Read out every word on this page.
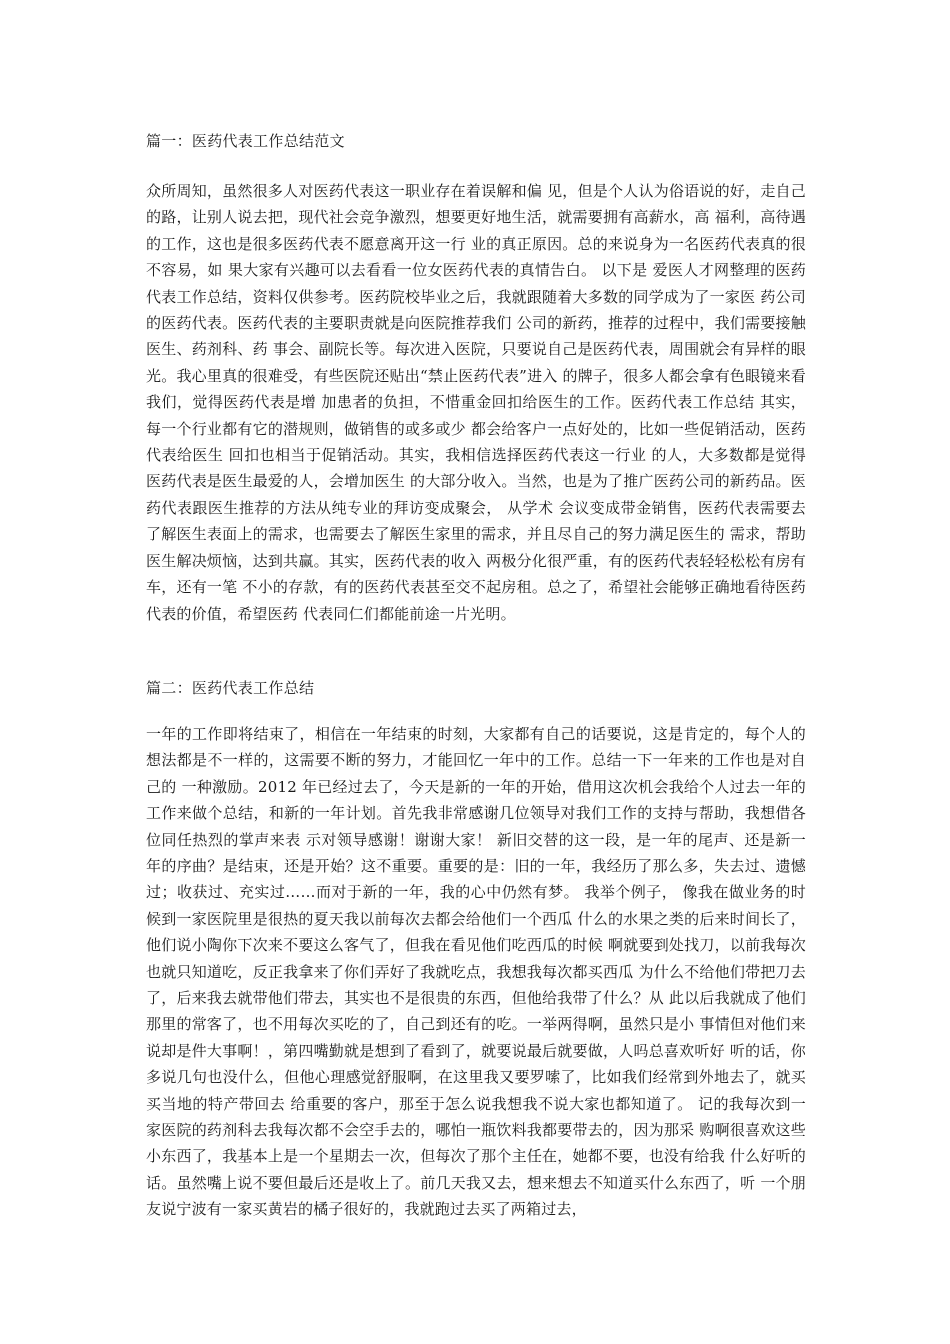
篇一：医药代表工作总结范文

众所周知，虽然很多人对医药代表这一职业存在着误解和偏 见，但是个人认为俗语说的好，走自己的路，让别人说去把，现代社会竞争激烈，想要更好地生活，就需要拥有高薪水，高 福利，高待遇的工作，这也是很多医药代表不愿意离开这一行 业的真正原因。总的来说身为一名医药代表真的很不容易，如 果大家有兴趣可以去看看一位女医药代表的真情告白。 以下是 爱医人才网整理的医药代表工作总结，资料仅供参考。医药院校毕业之后，我就跟随着大多数的同学成为了一家医 药公司的医药代表。医药代表的主要职责就是向医院推荐我们 公司的新药，推荐的过程中，我们需要接触医生、药剂科、药 事会、副院长等。每次进入医院，只要说自己是医药代表，周围就会有异样的眼 光。我心里真的很难受，有些医院还贴出“禁止医药代表”进入 的牌子，很多人都会拿有色眼镜来看我们，觉得医药代表是增 加患者的负担，不惜重金回扣给医生的工作。医药代表工作总结 其实，每一个行业都有它的潜规则，做销售的或多或少 都会给客户一点好处的，比如一些促销活动，医药代表给医生 回扣也相当于促销活动。其实，我相信选择医药代表这一行业 的人，大多数都是觉得医药代表是医生最爱的人，会增加医生 的大部分收入。当然，也是为了推广医药公司的新药品。医药代表跟医生推荐的方法从纯专业的拜访变成聚会， 从学术 会议变成带金销售，医药代表需要去了解医生表面上的需求，也需要去了解医生家里的需求，并且尽自己的努力满足医生的 需求，帮助医生解决烦恼，达到共赢。其实，医药代表的收入 两极分化很严重，有的医药代表轻轻松松有房有车，还有一笔 不小的存款，有的医药代表甚至交不起房租。总之了，希望社会能够正确地看待医药代表的价值，希望医药 代表同仁们都能前途一片光明。

篇二：医药代表工作总结

一年的工作即将结束了，相信在一年结束的时刻，大家都有自己的话要说，这是肯定的，每个人的 想法都是不一样的，这需要不断的努力，才能回忆一年中的工作。总结一下一年来的工作也是对自己的 一种激励。2012 年已经过去了，今天是新的一年的开始，借用这次机会我给个人过去一年的工作来做个总结，和新的一年计划。首先我非常感谢几位领导对我们工作的支持与帮助，我想借各位同任热烈的掌声来表 示对领导感谢！谢谢大家！ 新旧交替的这一段，是一年的尾声、还是新一年的序曲？是结束，还是开始？这不重要。重要的是：旧的一年，我经历了那么多，失去过、遗憾过；收获过、充实过……而对于新的一年，我的心中仍然有梦。 我举个例子， 像我在做业务的时候到一家医院里是很热的夏天我以前每次去都会给他们一个西瓜 什么的水果之类的后来时间长了，他们说小陶你下次来不要这么客气了，但我在看见他们吃西瓜的时候 啊就要到处找刀，以前我每次也就只知道吃，反正我拿来了你们弄好了我就吃点，我想我每次都买西瓜 为什么不给他们带把刀去了，后来我去就带他们带去，其实也不是很贵的东西，但他给我带了什么？从 此以后我就成了他们那里的常客了，也不用每次买吃的了，自己到还有的吃。一举两得啊，虽然只是小 事情但对他们来说却是件大事啊！，第四嘴勤就是想到了看到了，就要说最后就要做，人吗总喜欢听好 听的话，你多说几句也没什么，但他心理感觉舒服啊，在这里我又要罗嗦了，比如我们经常到外地去了，就买买当地的特产带回去 给重要的客户，那至于怎么说我想我不说大家也都知道了。 记的我每次到一家医院的药剂科去我每次都不会空手去的，哪怕一瓶饮料我都要带去的，因为那采 购啊很喜欢这些小东西了，我基本上是一个星期去一次，但每次了那个主任在，她都不要，也没有给我 什么好听的话。虽然嘴上说不要但最后还是收上了。前几天我又去，想来想去不知道买什么东西了，听 一个朋友说宁波有一家买黄岩的橘子很好的，我就跑过去买了两箱过去，
